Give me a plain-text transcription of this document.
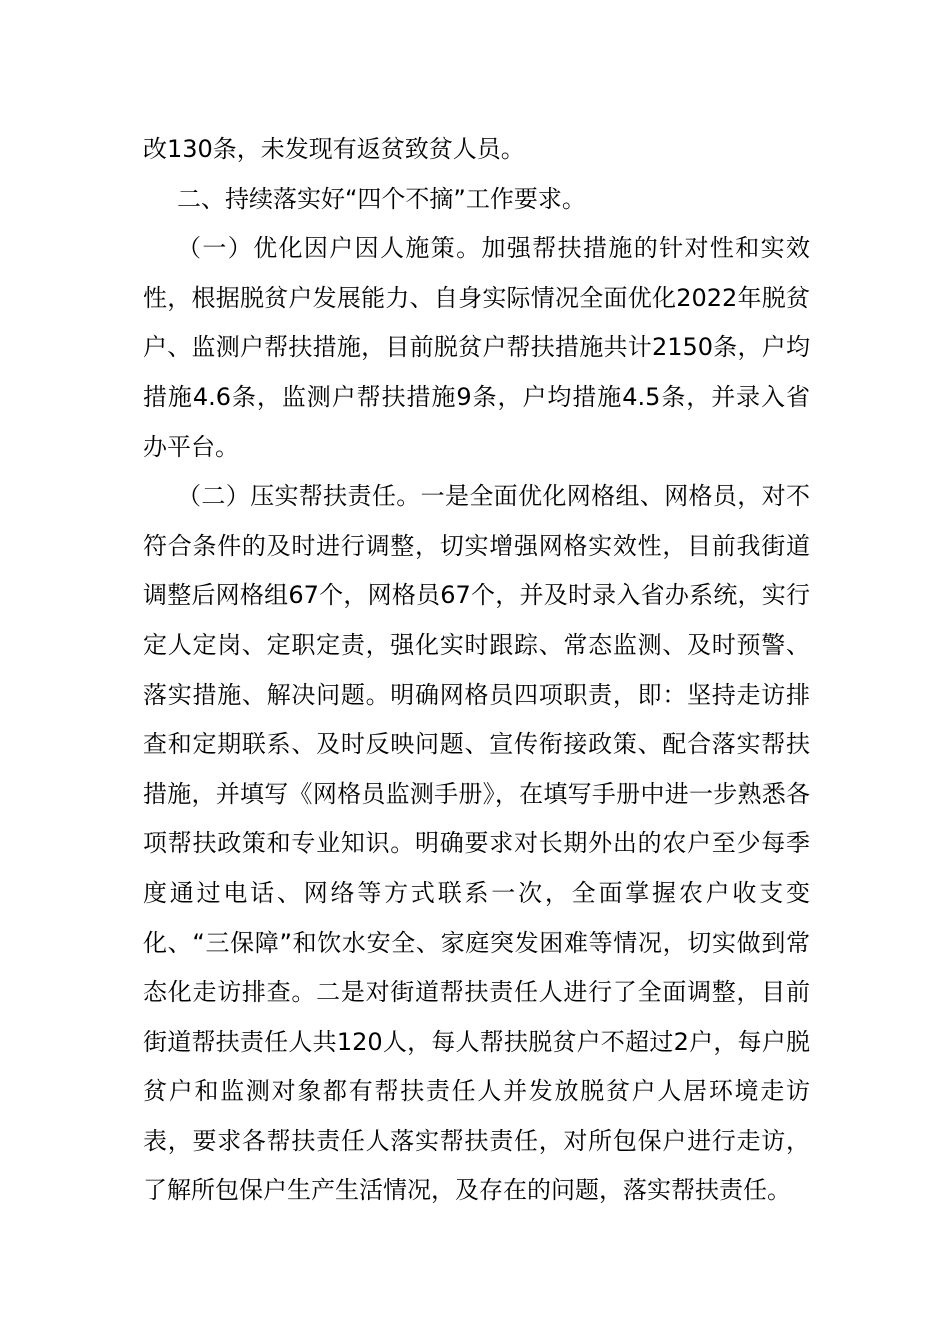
改130条，未发现有返贫致贫人员。

二、持续落实好“四个不摘”工作要求。

（一）优化因户因人施策。加强帮扶措施的针对性和实效性，根据脱贫户发展能力、自身实际情况全面优化2022年脱贫户、监测户帮扶措施，目前脱贫户帮扶措施共计2150条，户均措施4.6条，监测户帮扶措施9条，户均措施4.5条，并录入省办平台。

（二）压实帮扶责任。一是全面优化网格组、网格员，对不符合条件的及时进行调整，切实增强网格实效性，目前我街道调整后网格组67个，网格员67个，并及时录入省办系统，实行定人定岗、定职定责，强化实时跟踪、常态监测、及时预警、落实措施、解决问题。明确网格员四项职责，即：坚持走访排查和定期联系、及时反映问题、宣传衔接政策、配合落实帮扶措施，并填写《网格员监测手册》，在填写手册中进一步熟悉各项帮扶政策和专业知识。明确要求对长期外出的农户至少每季度通过电话、网络等方式联系一次，全面掌握农户收支变化、“三保障”和饮水安全、家庭突发困难等情况，切实做到常态化走访排查。二是对街道帮扶责任人进行了全面调整，目前街道帮扶责任人共120人，每人帮扶脱贫户不超过2户，每户脱贫户和监测对象都有帮扶责任人并发放脱贫户人居环境走访表，要求各帮扶责任人落实帮扶责任，对所包保户进行走访，了解所包保户生产生活情况，及存在的问题，落实帮扶责任。
